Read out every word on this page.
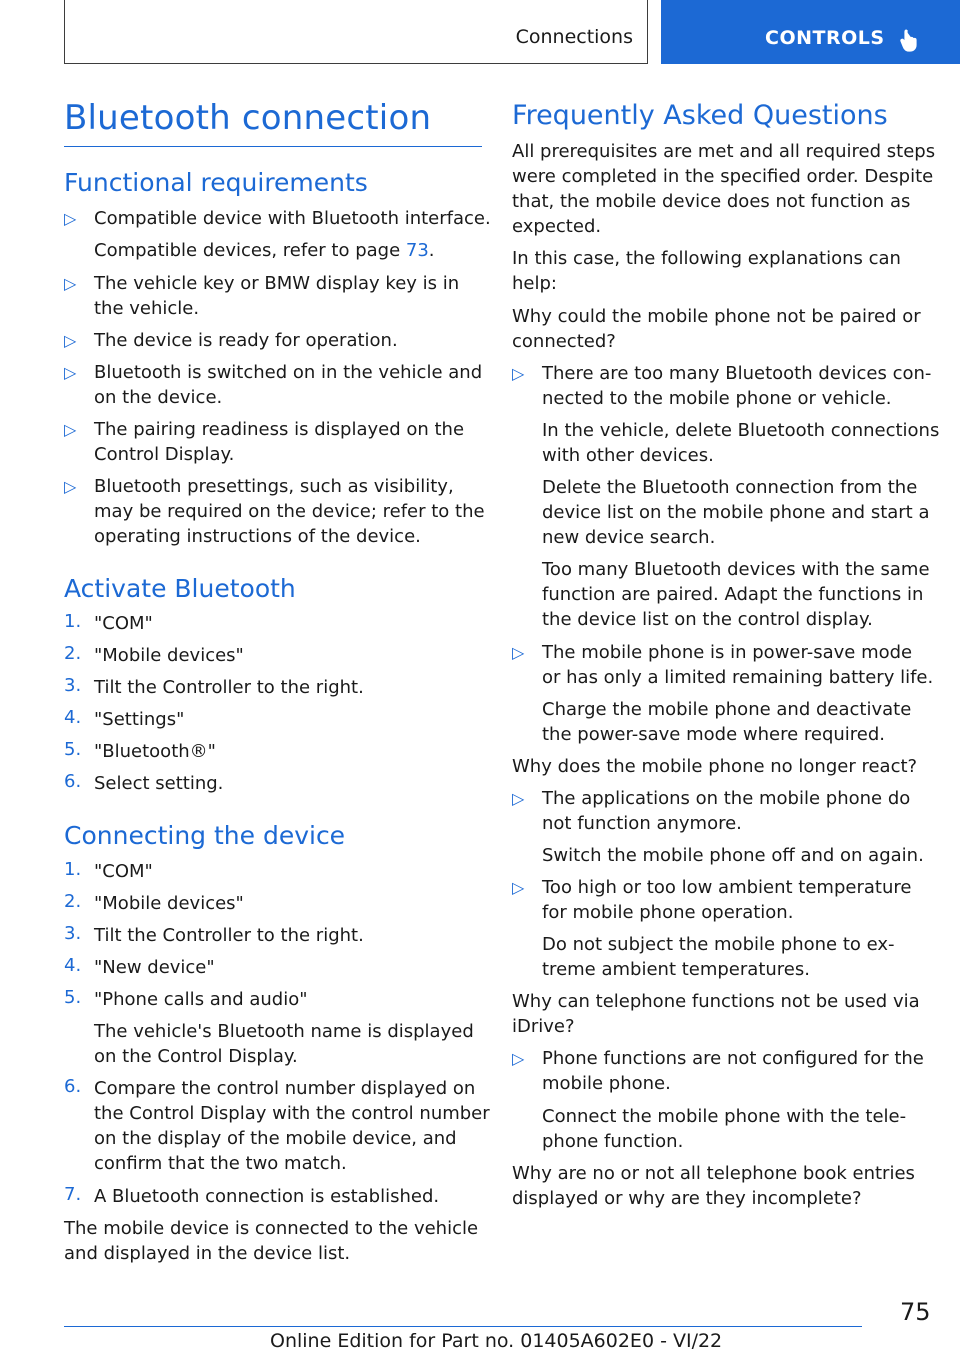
Connections	CONTROLS
Bluetooth connection
Functional requirements
▷ Compatible device with Bluetooth interface.
Compatible devices, refer to page 73.
▷ The vehicle key or BMW display key is in
the vehicle.
▷ The device is ready for operation.
▷ Bluetooth is switched on in the vehicle and
on the device.
▷ The pairing readiness is displayed on the
Control Display.
▷ Bluetooth presettings, such as visibility,
may be required on the device; refer to the
operating instructions of the device.
Activate Bluetooth
1. "COM"
2. "Mobile devices"
3. Tilt the Controller to the right.
4. "Settings"
5. "Bluetooth®"
6. Select setting.
Connecting the device
1. "COM"
2. "Mobile devices"
3. Tilt the Controller to the right.
4. "New device"
5. "Phone calls and audio"
6. Compare the control number displayed on
7. A Bluetooth connection is established.
The vehicle's Bluetooth name is displayed
on the Control Display.
the Control Display with the control number
on the display of the mobile device, and
confirm that the two match.
The mobile device is connected to the vehicle
and displayed in the device list.
Frequently Asked Questions
All prerequisites are met and all required steps
were completed in the specified order. Despite
that, the mobile device does not function as
expected.
In this case, the following explanations can
help:
Why could the mobile phone not be paired or
connected?
▷ There are too many Bluetooth devices con-
nected to the mobile phone or vehicle.
In the vehicle, delete Bluetooth connections
with other devices.
Delete the Bluetooth connection from the
device list on the mobile phone and start a
new device search.
Too many Bluetooth devices with the same
function are paired. Adapt the functions in
the device list on the control display.
▷ The mobile phone is in power-save mode
or has only a limited remaining battery life.
Charge the mobile phone and deactivate
the power-save mode where required.
Why does the mobile phone no longer react?
▷ The applications on the mobile phone do
not function anymore.
Switch the mobile phone off and on again.
▷ Too high or too low ambient temperature
for mobile phone operation.
Do not subject the mobile phone to ex-
treme ambient temperatures.
Why can telephone functions not be used via
iDrive?
▷ Phone functions are not configured for the
mobile phone.
Connect the mobile phone with the tele-
phone function.
Why are no or not all telephone book entries
displayed or why are they incomplete?
75
Online Edition for Part no. 01405A602E0 - VI/22
